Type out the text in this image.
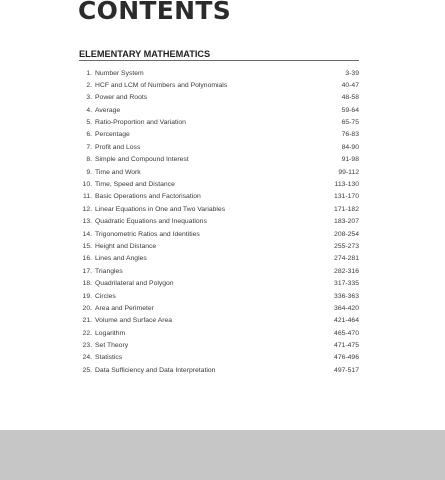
CONTENTS
ELEMENTARY MATHEMATICS
1. Number System	3-39
2. HCF and LCM of Numbers and Polynomials	40-47
3. Power and Roots	48-58
4. Average	59-64
5. Ratio-Proportion and Variation	65-75
6. Percentage	76-83
7. Profit and Loss	84-90
8. Simple and Compound Interest	91-98
9. Time and Work	99-112
10. Time, Speed and Distance	113-130
11. Basic Operations and Factorisation	131-170
12. Linear Equations in One and Two Variables	171-182
13. Quadratic Equations and Inequations	183-207
14. Trigonometric Ratios and Identities	208-254
15. Height and Distance	255-273
16. Lines and Angles	274-281
17. Triangles	282-316
18. Quadrilateral and Polygon	317-335
19. Circles	336-363
20. Area and Perimeter	364-420
21. Volume and Surface Area	421-464
22. Logarithm	465-470
23. Set Theory	471-475
24. Statistics	476-496
25. Data Sufficiency and Data Interpretation	497-517
